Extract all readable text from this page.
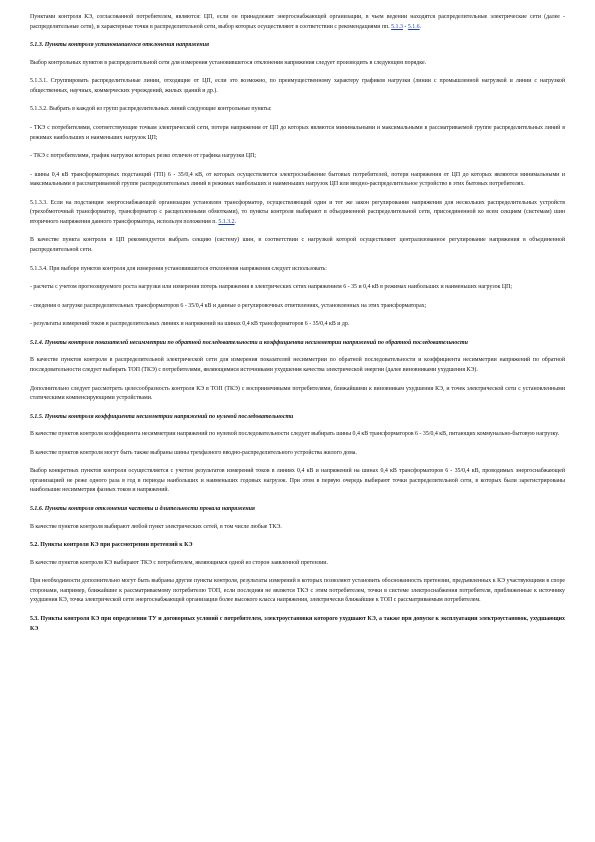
Пунктами контроля КЭ, согласованной потребителем, являются: ЦП, если он принадлежит энергоснабжающей организации, в чьем ведении находятся распределительные электрические сети (далее - распределительные сети), и характерные точки в распределительной сети, выбор которых осуществляют в соответствии с рекомендациями пп. 5.1.3 - 5.1.6.

5.1.3. Пункты контроля установившегося отклонения напряжения

Выбор контрольных пунктов в распределительной сети для измерения установившегося отклонения напряжения следует производить в следующем порядке.

5.1.3.1. Сгруппировать распределительные линии, отходящие от ЦП, если это возможно, по преимущественному характеру графиков нагрузки (линии с промышленной нагрузкой и линии с нагрузкой общественных, научных, коммерческих учреждений, жилых зданий и др.).

5.1.3.2. Выбрать в каждой из групп распределительных линий следующие контрольные пункты:

- ТКЭ с потребителями, соответствующие точкам электрической сети, потери напряжения от ЦП до которых являются минимальными и максимальными в рассматриваемой группе распределительных линий в режимах наибольших и наименьших нагрузок ЦП;

- ТКЭ с потребителями, график нагрузки которых резко отличен от графика нагрузки ЦП;

- шины 0,4 кВ трансформаторных подстанций (ТП) 6 - 35/0,4 кВ, от которых осуществляется электроснабжение бытовых потребителей, потери напряжения от ЦП до которых являются минимальными и максимальными в рассматриваемой группе распределительных линий в режимах наибольших и наименьших нагрузок ЦП или вводно-распределительное устройство в этих бытовых потребителях.

5.1.3.3. Если на подстанции энергоснабжающей организации установлен трансформатор, осуществляющий один и тот же закон регулирования напряжения для нескольких распределительных устройств (трехобмоточный трансформатор, трансформатор с расщепленными обмотками), то пункты контроля выбирают в объединенной распределительной сети, присоединенной ко всем секциям (системам) шин вторичного напряжения данного трансформатора, используя положения п. 5.1.3.2.

В качестве пункта контроля в ЦП рекомендуется выбрать секцию (систему) шин, в соответствии с нагрузкой которой осуществляют централизованное регулирование напряжения в объединенной распределительной сети.

5.1.3.4. При выборе пунктов контроля для измерения установившегося отклонения напряжения следует использовать:

- расчеты с учетом прогнозируемого роста нагрузки или измерения потерь напряжения в электрических сетях напряжением 6 - 35 и 0,4 кВ в режимах наибольших и наименьших нагрузок ЦП;

- сведения о загрузке распределительных трансформаторов 6 - 35/0,4 кВ и данные о регулировочных ответвлениях, установленных на этих трансформаторах;

- результаты измерений токов в распределительных линиях и напряжений на шинах 0,4 кВ трансформаторов 6 - 35/0,4 кВ и др.

5.1.4. Пункты контроля показателей несимметрии по обратной последовательности и коэффициента несимметрии напряжений по обратной последовательности

В качестве пунктов контроля в распределительной электрической сети для измерения показателей несимметрии по обратной последовательности и коэффициента несимметрии напряжений по обратной последовательности следует выбирать ТОП (ТКЭ) с потребителями, являющимися источниками ухудшения качества электрической энергии (далее виновниками ухудшения КЭ).

Дополнительно следует рассмотреть целесообразность контроля КЭ в ТОП (ТКЭ) с восприимчивыми потребителями, ближайшими к виновникам ухудшения КЭ, и точек электрической сети с установленными статическими компенсирующими устройствами.

5.1.5. Пункты контроля коэффициента несимметрии напряжений по нулевой последовательности

В качестве пунктов контроля коэффициента несимметрии напряжений по нулевой последовательности следует выбирать шины 0,4 кВ трансформаторов 6 - 35/0,4 кВ, питающих коммунально-бытовую нагрузку.

В качестве пунктов контроля могут быть также выбраны шины трехфазного вводно-распределительного устройства жилого дома.

Выбор конкретных пунктов контроля осуществляется с учетом результатов измерений токов в линиях 0,4 кВ и напряжений на шинах 0,4 кВ трансформаторов 6 - 35/0,4 кВ, проводимых энергоснабжающей организацией не реже одного раза в год в периоды наибольших и наименьших годовых нагрузок. При этом в первую очередь выбирают точки распределительной сети, в которых были зарегистрированы наибольшие несимметрия фазных токов и напряжений.

5.1.6. Пункты контроля отклонения частоты и длительности провала напряжения

В качестве пунктов контроля выбирают любой пункт электрических сетей, в том числе любые ТКЭ.

5.2. Пункты контроля КЭ при рассмотрении претензий к КЭ

В качестве пунктов контроля КЭ выбирают ТКЭ с потребителем, являющимся одной из сторон заявленной претензии.

При необходимости дополнительно могут быть выбраны другие пункты контроля, результаты измерений в которых позволяют установить обоснованность претензии, предъявленных к КЭ участвующими в споре сторонами, например, ближайшие к рассматриваемому потребителю ТОП, если последняя не является ТКЭ с этим потребителем, точки в системе электроснабжения потребителя, приближенные к источнику ухудшения КЭ, точка электрической сети энергоснабжающей организации более высокого класса напряжения, электрически ближайшие к ТОП с рассматриваемым потребителем.

5.3. Пункты контроля КЭ при определении ТУ и договорных условий с потребителем, электроустановки которого ухудшают КЭ, а также при допуске к эксплуатации электроустановок, ухудшающих КЭ
